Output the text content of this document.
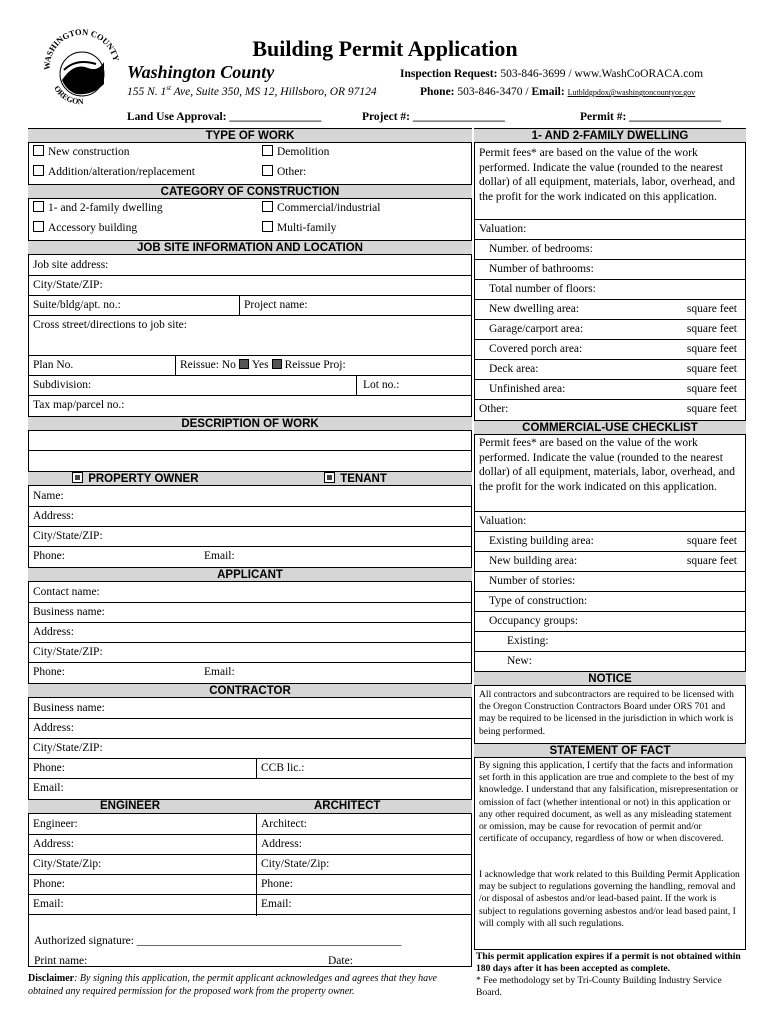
WASHINGTON COUNTY
OREGON
Building Permit Application
Washington County
155 N. 1st Ave, Suite 350, MS 12, Hillsboro, OR 97124
Inspection Request: 503-846-3699 / www.WashCoORACA.com
Phone: 503-846-3470 / Email: Lutbldgpdox@washingtoncountyor.gov
Land Use Approval: ________________	Project #: ________________	Permit #: ________________
TYPE OF WORK
New construction	Demolition
Addition/alteration/replacement	Other:
CATEGORY OF CONSTRUCTION
1- and 2-family dwelling	Commercial/industrial
Accessory building	Multi-family
JOB SITE INFORMATION AND LOCATION
Job site address:
City/State/ZIP:
Suite/bldg/apt. no.:	Project name:
Cross street/directions to job site:
Plan No.	Reissue: No Yes Reissue Proj:
Subdivision:	Lot no.:
Tax map/parcel no.:
DESCRIPTION OF WORK
PROPERTY OWNER	TENANT
Name:
Address:
City/State/ZIP:
Phone:	Email:
APPLICANT
Contact name:
Business name:
Address:
City/State/ZIP:
Phone:	Email:
CONTRACTOR
Business name:
Address:
City/State/ZIP:
Phone:	CCB lic.:
Email:
ENGINEER	ARCHITECT
Engineer:	Architect:
Address:	Address:
City/State/Zip:	City/State/Zip:
Phone:	Phone:
Email:	Email:
Authorized signature: ______________________________________________
Print name:	Date:
Disclaimer: By signing this application, the permit applicant acknowledges and agrees that they have obtained any required permission for the proposed work from the property owner.
1- AND 2-FAMILY DWELLING
Permit fees* are based on the value of the work performed. Indicate the value (rounded to the nearest dollar) of all equipment, materials, labor, overhead, and the profit for the work indicated on this application.
Valuation:
Number. of bedrooms:
Number of bathrooms:
Total number of floors:
New dwelling area:	square feet
Garage/carport area:	square feet
Covered porch area:	square feet
Deck area:	square feet
Unfinished area:	square feet
Other:	square feet
COMMERCIAL-USE CHECKLIST
Permit fees* are based on the value of the work performed. Indicate the value (rounded to the nearest dollar) of all equipment, materials, labor, overhead, and the profit for the work indicated on this application.
Valuation:
Existing building area:	square feet
New building area:	square feet
Number of stories:
Type of construction:
Occupancy groups:
Existing:
New:
NOTICE
All contractors and subcontractors are required to be licensed with the Oregon Construction Contractors Board under ORS 701 and may be required to be licensed in the jurisdiction in which work is being performed.
STATEMENT OF FACT
By signing this application, I certify that the facts and information set forth in this application are true and complete to the best of my knowledge. I understand that any falsification, misrepresentation or omission of fact (whether intentional or not) in this application or any other required document, as well as any misleading statement or omission, may be cause for revocation of permit and/or certificate of occupancy, regardless of how or when discovered.
I acknowledge that work related to this Building Permit Application may be subject to regulations governing the handling, removal and /or disposal of asbestos and/or lead-based paint. If the work is subject to regulations governing asbestos and/or lead based paint, I will comply with all such regulations.
This permit application expires if a permit is not obtained within 180 days after it has been accepted as complete.
* Fee methodology set by Tri-County Building Industry Service Board.
